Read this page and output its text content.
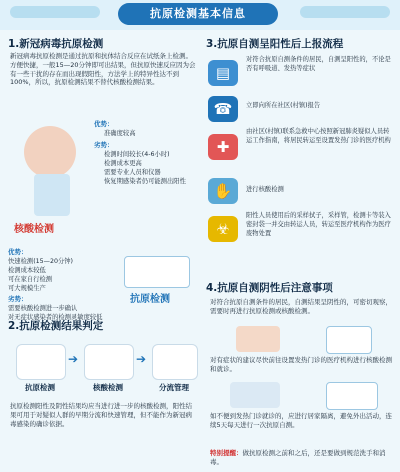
抗原检测基本信息
1.新冠病毒抗原检测
新冠病毒抗原检测是通过抗原和抗体结合反应在试纸条上检测。方便快捷，一般15—20分钟即可出结果，但抗原快速反应因为会有一些干扰的存在而出现假阳性，方法学上的特异性达不到100%，所以，抗原检测结果不替代核酸检测结果。
核酸检测
优势：
准确度较高
劣势：
检测时间较长(4-6小时)
检测成本更高
需要专业人员和仪器
恢复期感染者仍可能测出阳性
优势：
快速检测(15—20分钟)
检测成本较低
可在家自行检测
可大规模生产
劣势：
需要核酸检测进一步确认
对无症状感染者的检测灵敏度较低
抗原检测
2.抗原检测结果判定
➔	➔
抗原检测	核酸检测	分流管理
抗原检测阳性及阴性结果均应当进行进一步的核酸检测，阳性结果可用于对疑似人群的早期分流和快速管理，但不能作为新冠病毒感染的确诊依据。
3.抗原自测呈阳性后上报流程
▤
对符合抗原自测条件的居民，自测呈阳性的，不论是否有呼吸道、发热等症状
☎	立即向所在社区(村镇)报告
✚
由社区(村镇)联系急救中心按照新冠肺炎疑似人员转运工作指南，将居民转运至设置发热门诊的医疗机构
✋	进行核酸检测
☣
阳性人员使用后的采样拭子，采样管，检测卡等装入密封袋一并交由转运人员，转运至医疗机构作为医疗废物处置
4.抗原自测阴性后注意事项
对符合抗原自测条件的居民，自测结果呈阴性的，可密切观察，需要时再进行抗原检测或核酸检测。
对有症状的建议尽快前往设置发热门诊的医疗机构进行核酸检测和就诊。
如不便到发热门诊就诊的，应进行居家隔离，避免外出活动，连续5天每天进行一次抗原自测。
特别提醒：做抗原检测之前和之后，还是要做到规范洗手和消毒。
